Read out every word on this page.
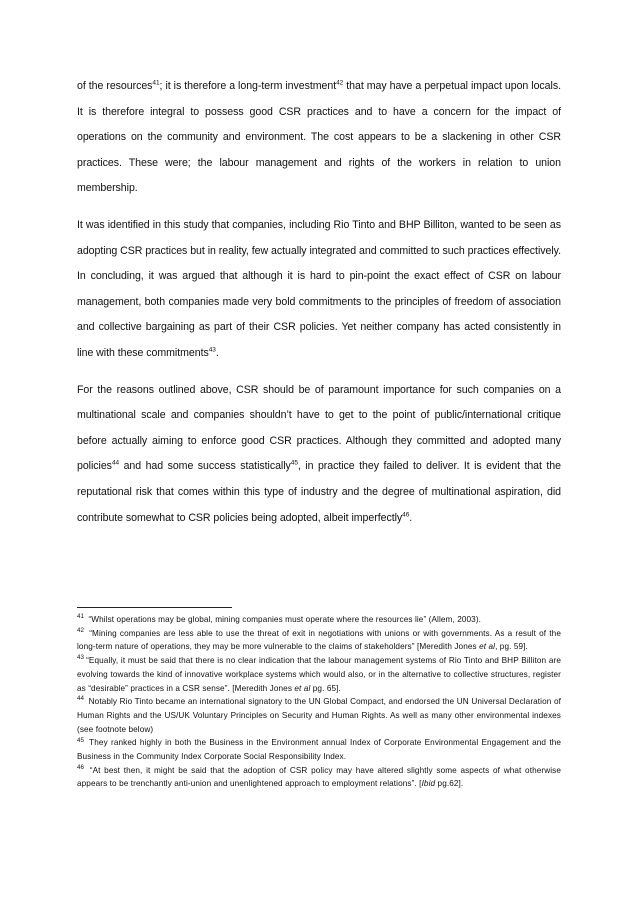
of the resources$^{41}$; it is therefore a long-term investment$^{42}$ that may have a perpetual impact upon locals. It is therefore integral to possess good CSR practices and to have a concern for the impact of operations on the community and environment. The cost appears to be a slackening in other CSR practices. These were; the labour management and rights of the workers in relation to union membership.

It was identified in this study that companies, including Rio Tinto and BHP Billiton, wanted to be seen as adopting CSR practices but in reality, few actually integrated and committed to such practices effectively. In concluding, it was argued that although it is hard to pin-point the exact effect of CSR on labour management, both companies made very bold commitments to the principles of freedom of association and collective bargaining as part of their CSR policies. Yet neither company has acted consistently in line with these commitments$^{43}$.

For the reasons outlined above, CSR should be of paramount importance for such companies on a multinational scale and companies shouldn’t have to get to the point of public/international critique before actually aiming to enforce good CSR practices. Although they committed and adopted many policies$^{44}$ and had some success statistically$^{45}$, in practice they failed to deliver. It is evident that the reputational risk that comes within this type of industry and the degree of multinational aspiration, did contribute somewhat to CSR policies being adopted, albeit imperfectly$^{46}$.

$^{41}$ “Whilst operations may be global, mining companies must operate where the resources lie” (Allem, 2003).

$^{42}$ “Mining companies are less able to use the threat of exit in negotiations with unions or with governments. As a result of the long-term nature of operations, they may be more vulnerable to the claims of stakeholders” [Meredith Jones et al, pg. 59].

$^{43}$ “Equally, it must be said that there is no clear indication that the labour management systems of Rio Tinto and BHP Billiton are evolving towards the kind of innovative workplace systems which would also, or in the alternative to collective structures, register as “desirable” practices in a CSR sense”. [Meredith Jones et al pg. 65].

$^{44}$ Notably Rio Tinto became an international signatory to the UN Global Compact, and endorsed the UN Universal Declaration of Human Rights and the US/UK Voluntary Principles on Security and Human Rights. As well as many other environmental indexes (see footnote below)

$^{45}$ They ranked highly in both the Business in the Environment annual Index of Corporate Environmental Engagement and the Business in the Community Index Corporate Social Responsibility Index.

$^{46}$ “At best then, it might be said that the adoption of CSR policy may have altered slightly some aspects of what otherwise appears to be trenchantly anti-union and unenlightened approach to employment relations”. [Ibid pg.62].
